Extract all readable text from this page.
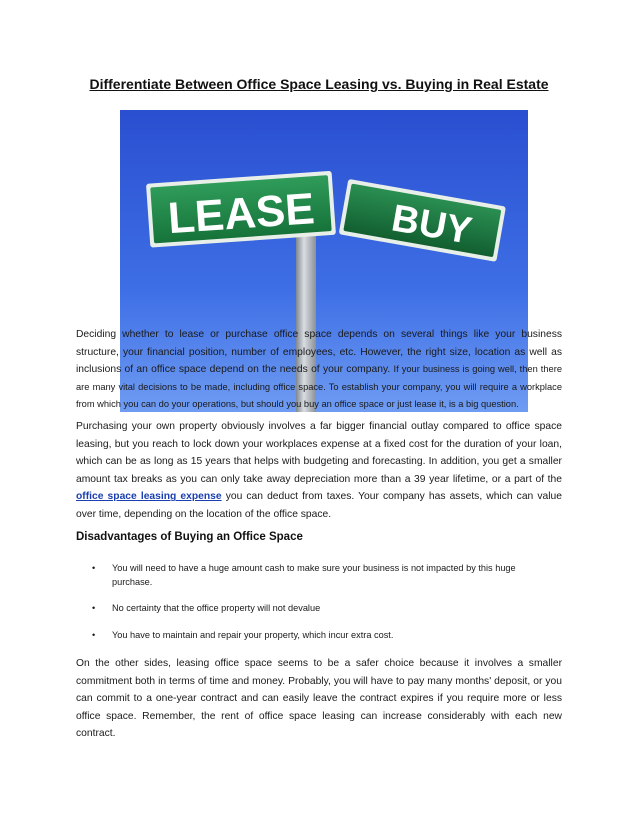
Differentiate Between Office Space Leasing vs. Buying in Real Estate
LEASE BUY

Deciding whether to lease or purchase office space depends on several things like your business structure, your financial position, number of employees, etc. However, the right size, location as well as inclusions of an office space depend on the needs of your company. If your business is going well, then there are many vital decisions to be made, including office space. To establish your company, you will require a workplace from which you can do your operations, but should you buy an office space or just lease it, is a big question.

Purchasing your own property obviously involves a far bigger financial outlay compared to office space leasing, but you reach to lock down your workplaces expense at a fixed cost for the duration of your loan, which can be as long as 15 years that helps with budgeting and forecasting. In addition, you get a smaller amount tax breaks as you can only take away depreciation more than a 39 year lifetime, or a part of the office space leasing expense you can deduct from taxes. Your company has assets, which can value over time, depending on the location of the office space.

Disadvantages of Buying an Office Space
• You will need to have a huge amount cash to make sure your business is not impacted by this huge purchase.
• No certainty that the office property will not devalue
• You have to maintain and repair your property, which incur extra cost.

On the other sides, leasing office space seems to be a safer choice because it involves a smaller commitment both in terms of time and money. Probably, you will have to pay many months' deposit, or you can commit to a one-year contract and can easily leave the contract expires if you require more or less office space. Remember, the rent of office space leasing can increase considerably with each new contract.
